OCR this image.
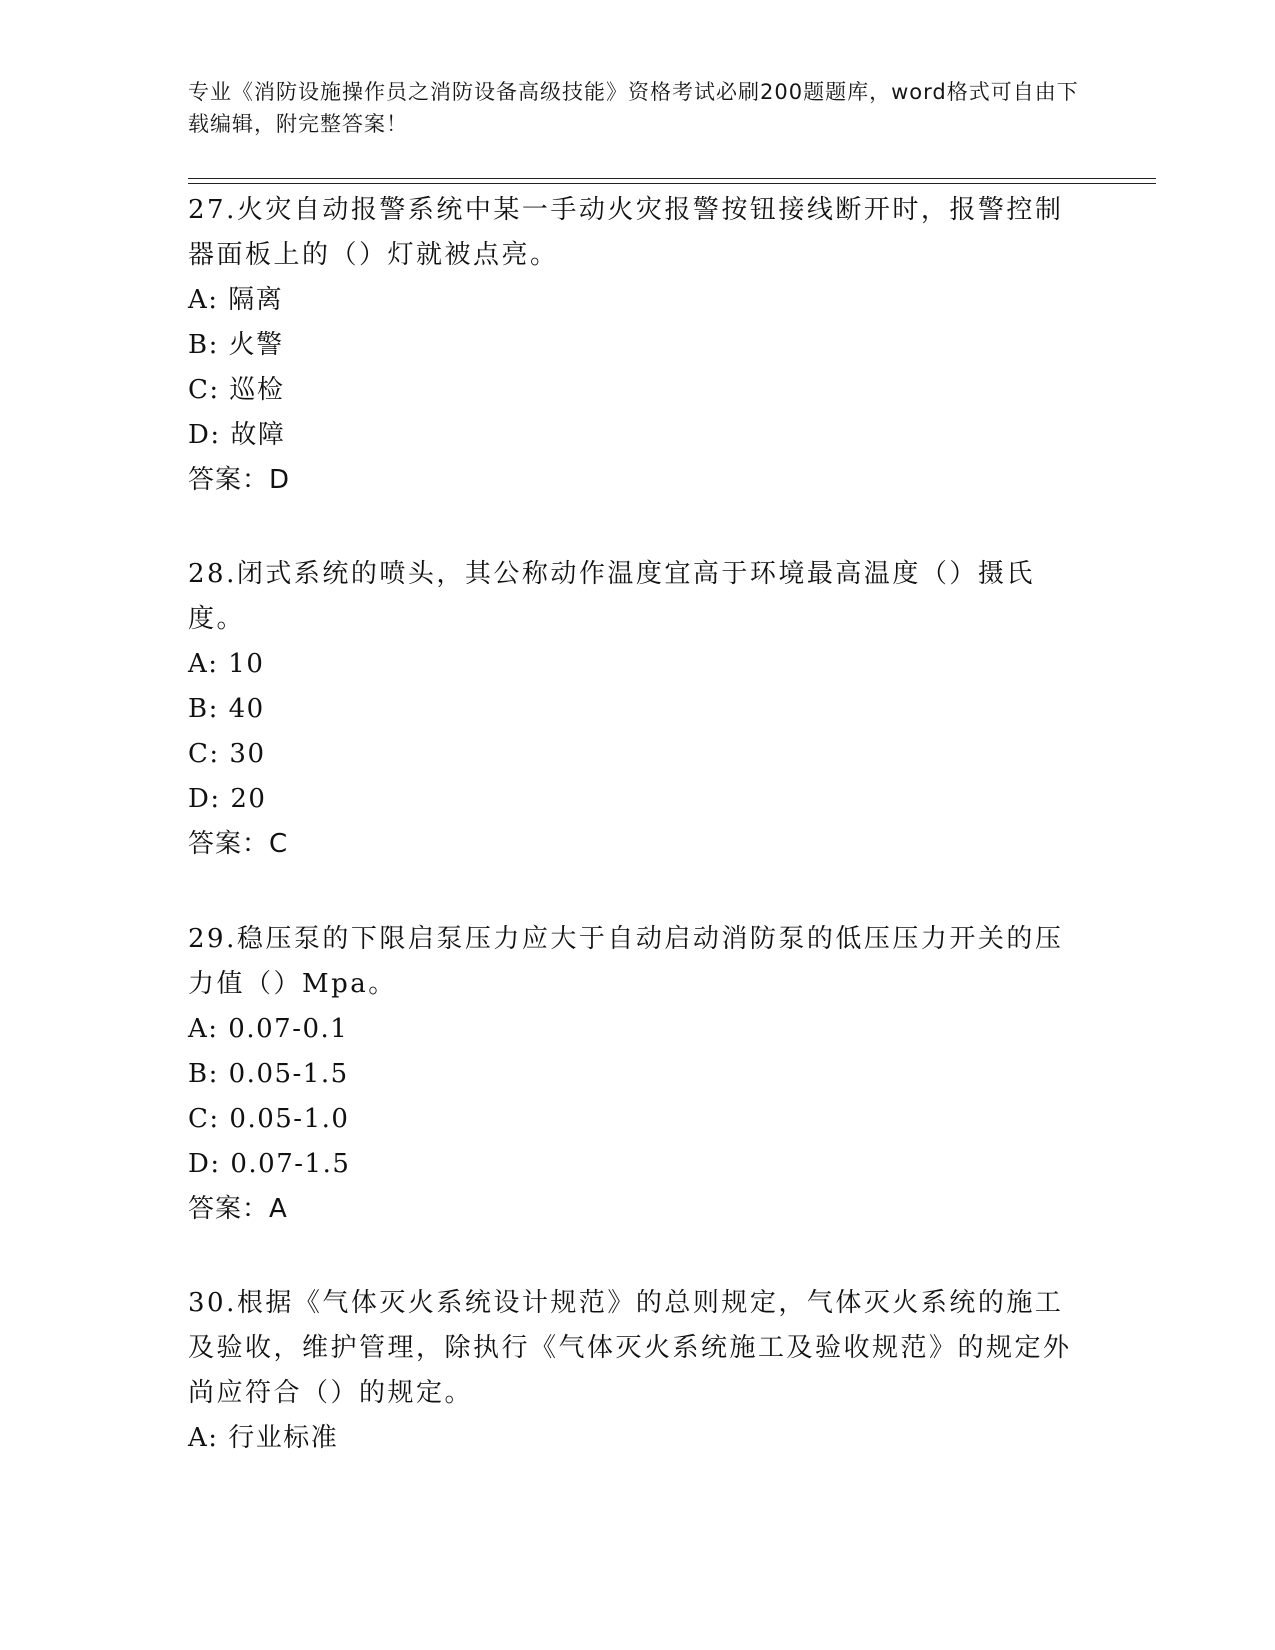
专业《消防设施操作员之消防设备高级技能》资格考试必刷200题题库，word格式可自由下载编辑，附完整答案！

27.火灾自动报警系统中某一手动火灾报警按钮接线断开时，报警控制器面板上的（）灯就被点亮。

A: 隔离

B: 火警

C: 巡检

D: 故障

答案：D

28.闭式系统的喷头，其公称动作温度宜高于环境最高温度（）摄氏度。

A: 10

B: 40

C: 30

D: 20

答案：C

29.稳压泵的下限启泵压力应大于自动启动消防泵的低压压力开关的压力值（）Mpa。

A: 0.07-0.1

B: 0.05-1.5

C: 0.05-1.0

D: 0.07-1.5

答案：A

30.根据《气体灭火系统设计规范》的总则规定，气体灭火系统的施工及验收，维护管理，除执行《气体灭火系统施工及验收规范》的规定外尚应符合（）的规定。

A: 行业标准
